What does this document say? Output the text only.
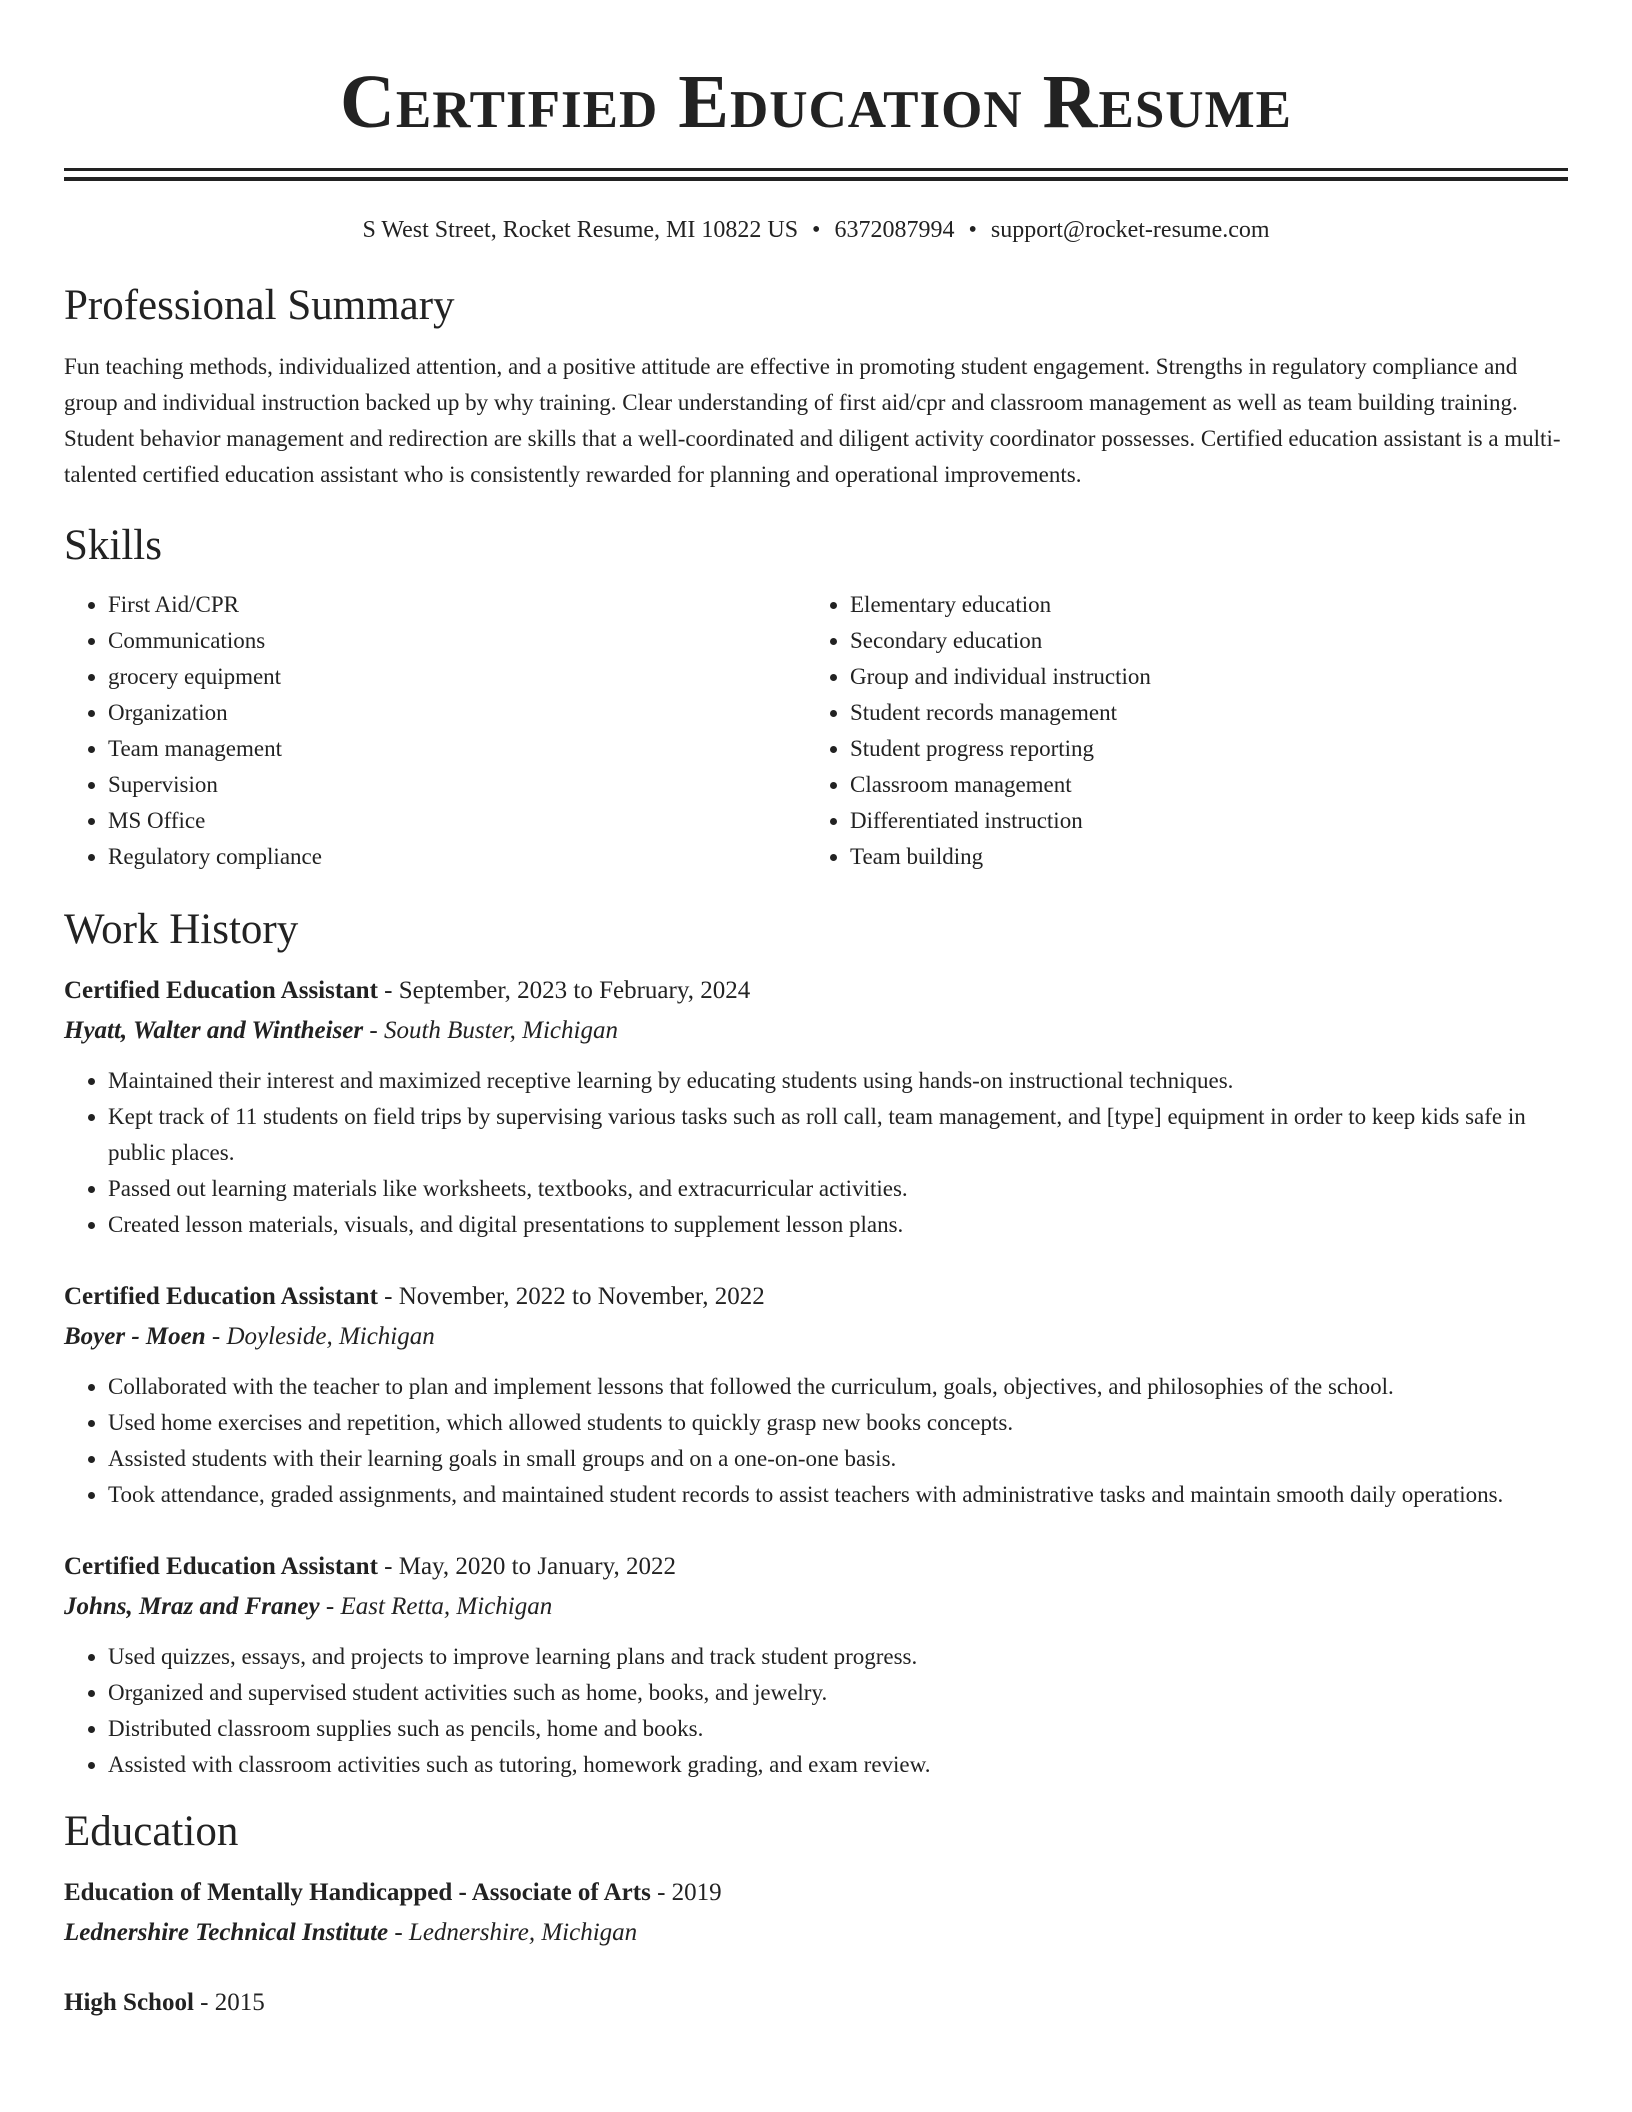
Certified Education Resume
S West Street, Rocket Resume, MI 10822 US • 6372087994 • support@rocket-resume.com
Professional Summary
Fun teaching methods, individualized attention, and a positive attitude are effective in promoting student engagement. Strengths in regulatory compliance and group and individual instruction backed up by why training. Clear understanding of first aid/cpr and classroom management as well as team building training. Student behavior management and redirection are skills that a well-coordinated and diligent activity coordinator possesses. Certified education assistant is a multi-talented certified education assistant who is consistently rewarded for planning and operational improvements.
Skills
• First Aid/CPR
• Communications
• grocery equipment
• Organization
• Team management
• Supervision
• MS Office
• Regulatory compliance
• Elementary education
• Secondary education
• Group and individual instruction
• Student records management
• Student progress reporting
• Classroom management
• Differentiated instruction
• Team building
Work History
Certified Education Assistant - September, 2023 to February, 2024
Hyatt, Walter and Wintheiser - South Buster, Michigan
• Maintained their interest and maximized receptive learning by educating students using hands-on instructional techniques.
• Kept track of 11 students on field trips by supervising various tasks such as roll call, team management, and [type] equipment in order to keep kids safe in public places.
• Passed out learning materials like worksheets, textbooks, and extracurricular activities.
• Created lesson materials, visuals, and digital presentations to supplement lesson plans.
Certified Education Assistant - November, 2022 to November, 2022
Boyer - Moen - Doyleside, Michigan
• Collaborated with the teacher to plan and implement lessons that followed the curriculum, goals, objectives, and philosophies of the school.
• Used home exercises and repetition, which allowed students to quickly grasp new books concepts.
• Assisted students with their learning goals in small groups and on a one-on-one basis.
• Took attendance, graded assignments, and maintained student records to assist teachers with administrative tasks and maintain smooth daily operations.
Certified Education Assistant - May, 2020 to January, 2022
Johns, Mraz and Franey - East Retta, Michigan
• Used quizzes, essays, and projects to improve learning plans and track student progress.
• Organized and supervised student activities such as home, books, and jewelry.
• Distributed classroom supplies such as pencils, home and books.
• Assisted with classroom activities such as tutoring, homework grading, and exam review.
Education
Education of Mentally Handicapped - Associate of Arts - 2019
Lednershire Technical Institute - Lednershire, Michigan
High School - 2015
